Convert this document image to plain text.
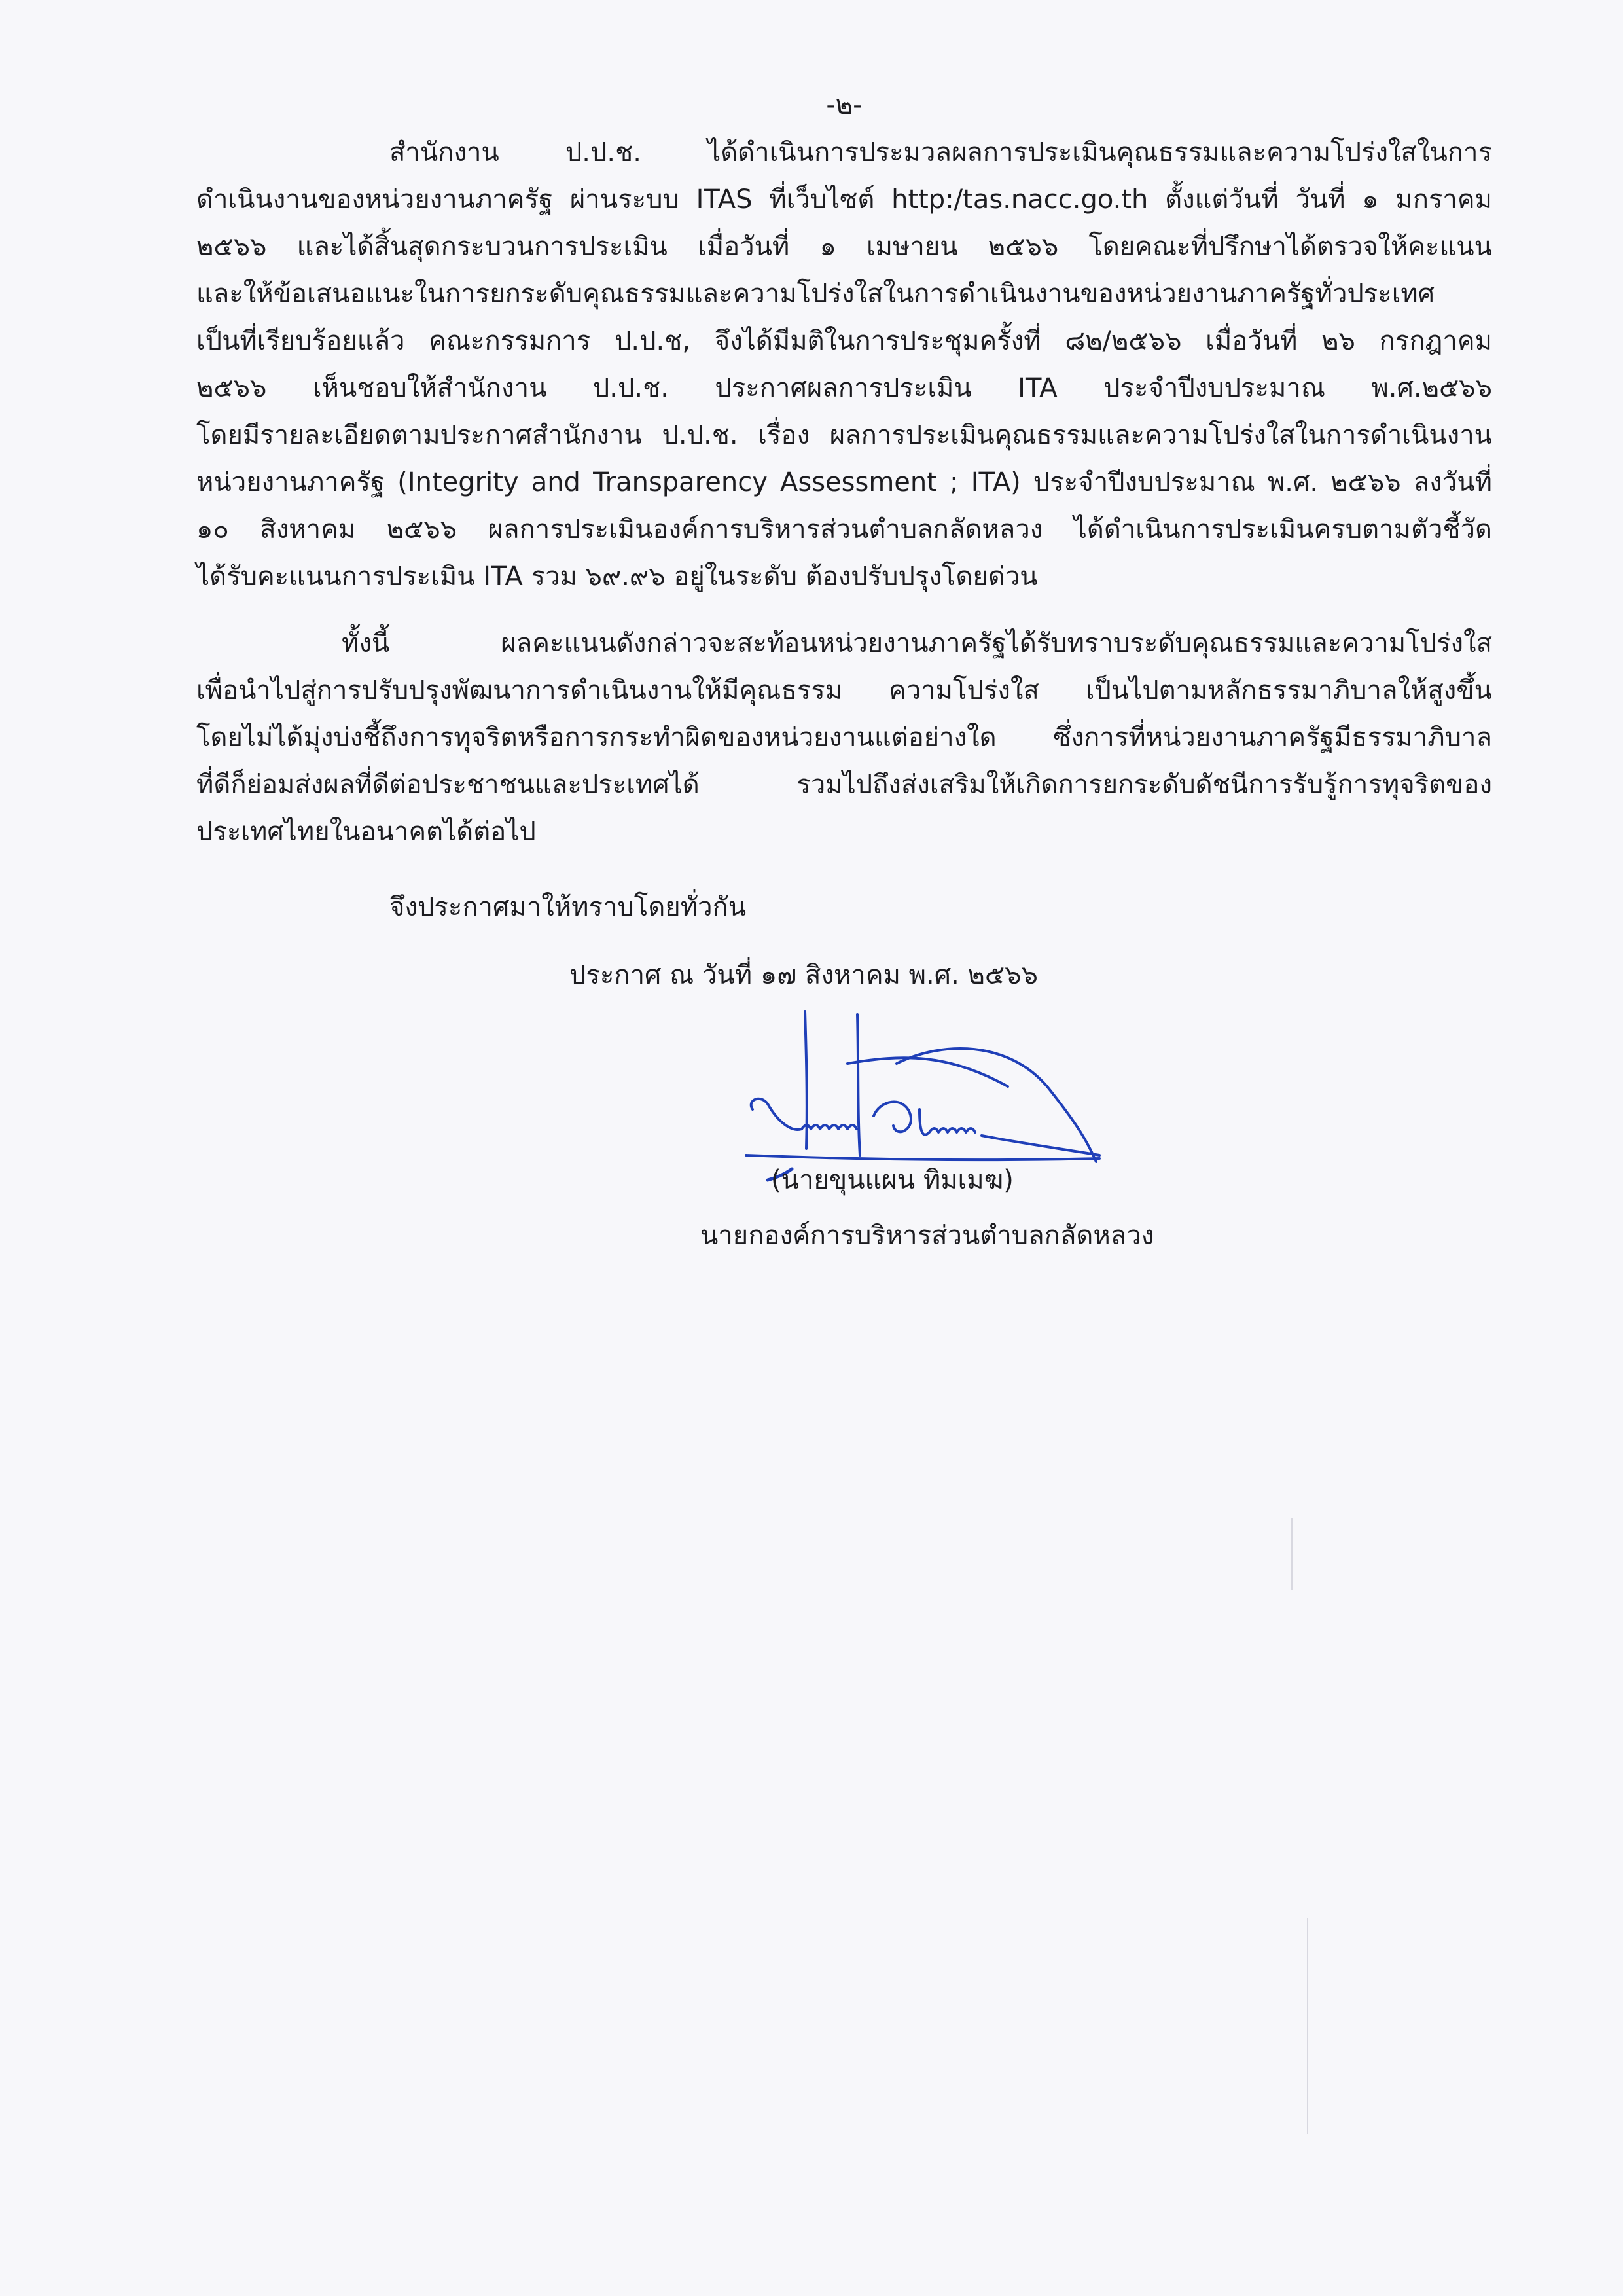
-๒-
สำนักงาน ป.ป.ช. ได้ดำเนินการประมวลผลการประเมินคุณธรรมและความโปร่งใสในการ
ดำเนินงานของหน่วยงานภาครัฐ ผ่านระบบ ITAS ที่เว็บไซต์ http:/tas.nacc.go.th ตั้งแต่วันที่ วันที่ ๑ มกราคม
๒๕๖๖ และได้สิ้นสุดกระบวนการประเมิน เมื่อวันที่ ๑ เมษายน ๒๕๖๖ โดยคณะที่ปรึกษาได้ตรวจให้คะแนน
และให้ข้อเสนอแนะในการยกระดับคุณธรรมและความโปร่งใสในการดำเนินงานของหน่วยงานภาครัฐทั่วประเทศ
เป็นที่เรียบร้อยแล้ว คณะกรรมการ ป.ป.ช, จึงได้มีมติในการประชุมครั้งที่ ๘๒/๒๕๖๖ เมื่อวันที่ ๒๖ กรกฎาคม
๒๕๖๖ เห็นชอบให้สำนักงาน ป.ป.ช. ประกาศผลการประเมิน ITA ประจำปีงบประมาณ พ.ศ.๒๕๖๖
โดยมีรายละเอียดตามประกาศสำนักงาน ป.ป.ช. เรื่อง ผลการประเมินคุณธรรมและความโปร่งใสในการดำเนินงาน
หน่วยงานภาครัฐ (Integrity and Transparency Assessment ; ITA) ประจำปีงบประมาณ พ.ศ. ๒๕๖๖ ลงวันที่
๑๐ สิงหาคม ๒๕๖๖ ผลการประเมินองค์การบริหารส่วนตำบลกลัดหลวง ได้ดำเนินการประเมินครบตามตัวชี้วัด
ได้รับคะแนนการประเมิน ITA รวม ๖๙.๙๖ อยู่ในระดับ ต้องปรับปรุงโดยด่วน
ทั้งนี้ ผลคะแนนดังกล่าวจะสะท้อนหน่วยงานภาครัฐได้รับทราบระดับคุณธรรมและความโปร่งใส
เพื่อนำไปสู่การปรับปรุงพัฒนาการดำเนินงานให้มีคุณธรรม ความโปร่งใส เป็นไปตามหลักธรรมาภิบาลให้สูงขึ้น
โดยไม่ได้มุ่งบ่งชี้ถึงการทุจริตหรือการกระทำผิดของหน่วยงานแต่อย่างใด ซึ่งการที่หน่วยงานภาครัฐมีธรรมาภิบาล
ที่ดีก็ย่อมส่งผลที่ดีต่อประชาชนและประเทศได้ รวมไปถึงส่งเสริมให้เกิดการยกระดับดัชนีการรับรู้การทุจริตของ
ประเทศไทยในอนาคตได้ต่อไป
จึงประกาศมาให้ทราบโดยทั่วกัน
ประกาศ ณ วันที่ ๑๗ สิงหาคม พ.ศ. ๒๕๖๖
(นายขุนแผน ทิมเมฆ)
นายกองค์การบริหารส่วนตำบลกลัดหลวง
